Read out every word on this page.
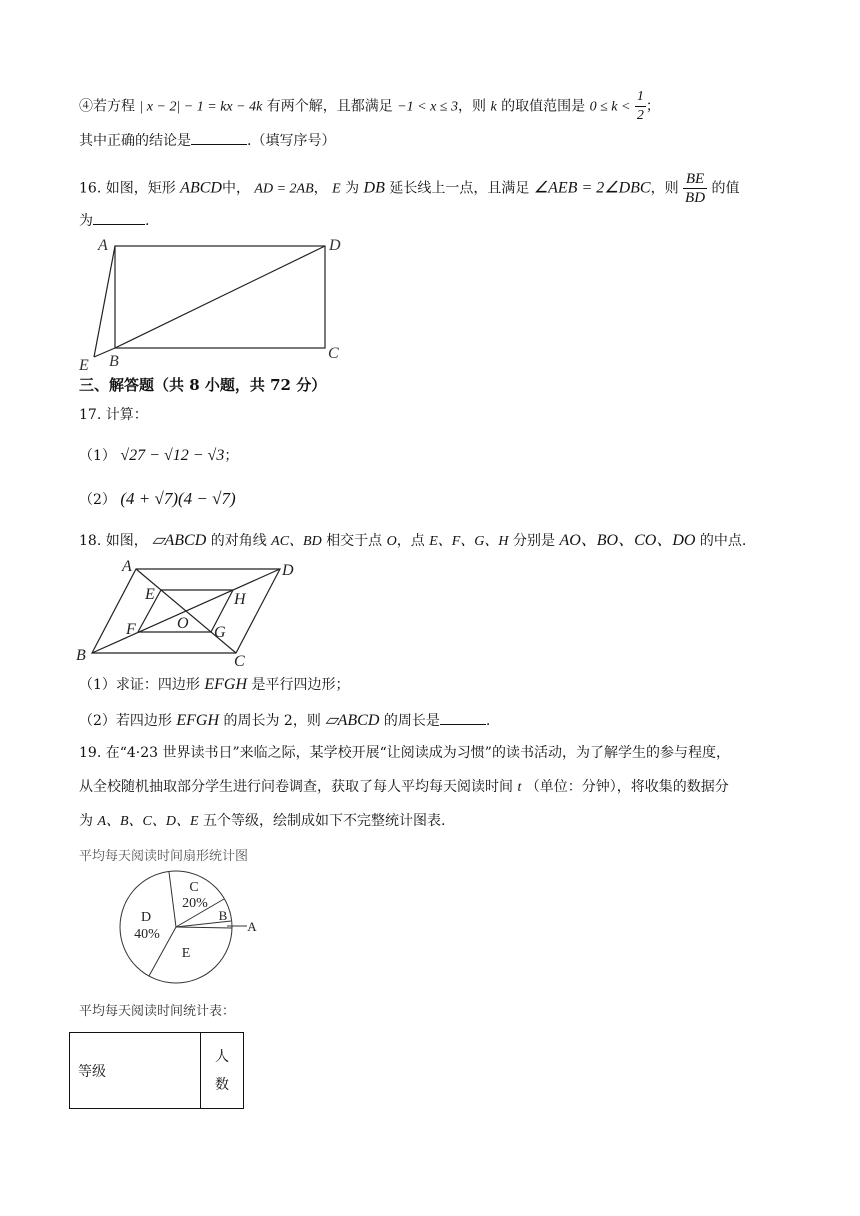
④若方程 | x − 2| − 1 = kx − 4k 有两个解，且都满足 −1 < x ≤ 3，则 k 的取值范围是 $0 \le k < \frac{1}{2}$ ；
其中正确的结论是	.（填写序号）
16. 如图，矩形 ABCD中， AD = 2AB， E 为 DB 延长线上一点，且满足 ∠AEB = 2∠DBC，则 $\frac{BE}{BD}$ 的值
为	.
A	D
E B	C
三、解答题（共 8 小题，共 72 分）
17. 计算：
（1） √27 − √12 − √3；
（2） (4 + √7)(4 − √7)
18. 如图， ▱ABCD 的对角线 AC、BD 相交于点 O，点 E、F、G、H 分别是 AO、BO、CO、DO 的中点.
A	D
E	H
F	O
G
B	C
（1）求证：四边形 EFGH 是平行四边形；
（2）若四边形 EFGH 的周长为 2，则 ▱ABCD 的周长是	.
19. 在“4·23 世界读书日”来临之际，某学校开展“让阅读成为习惯”的读书活动，为了解学生的参与程度，
从全校随机抽取部分学生进行问卷调查，获取了每人平均每天阅读时间 t （单位：分钟），将收集的数据分
为 A、B、C、D、E 五个等级，绘制成如下不完整统计图表.
平均每天阅读时间扇形统计图
C
20%
D
40%
B
A
E
平均每天阅读时间统计表：
等级	
人
数
